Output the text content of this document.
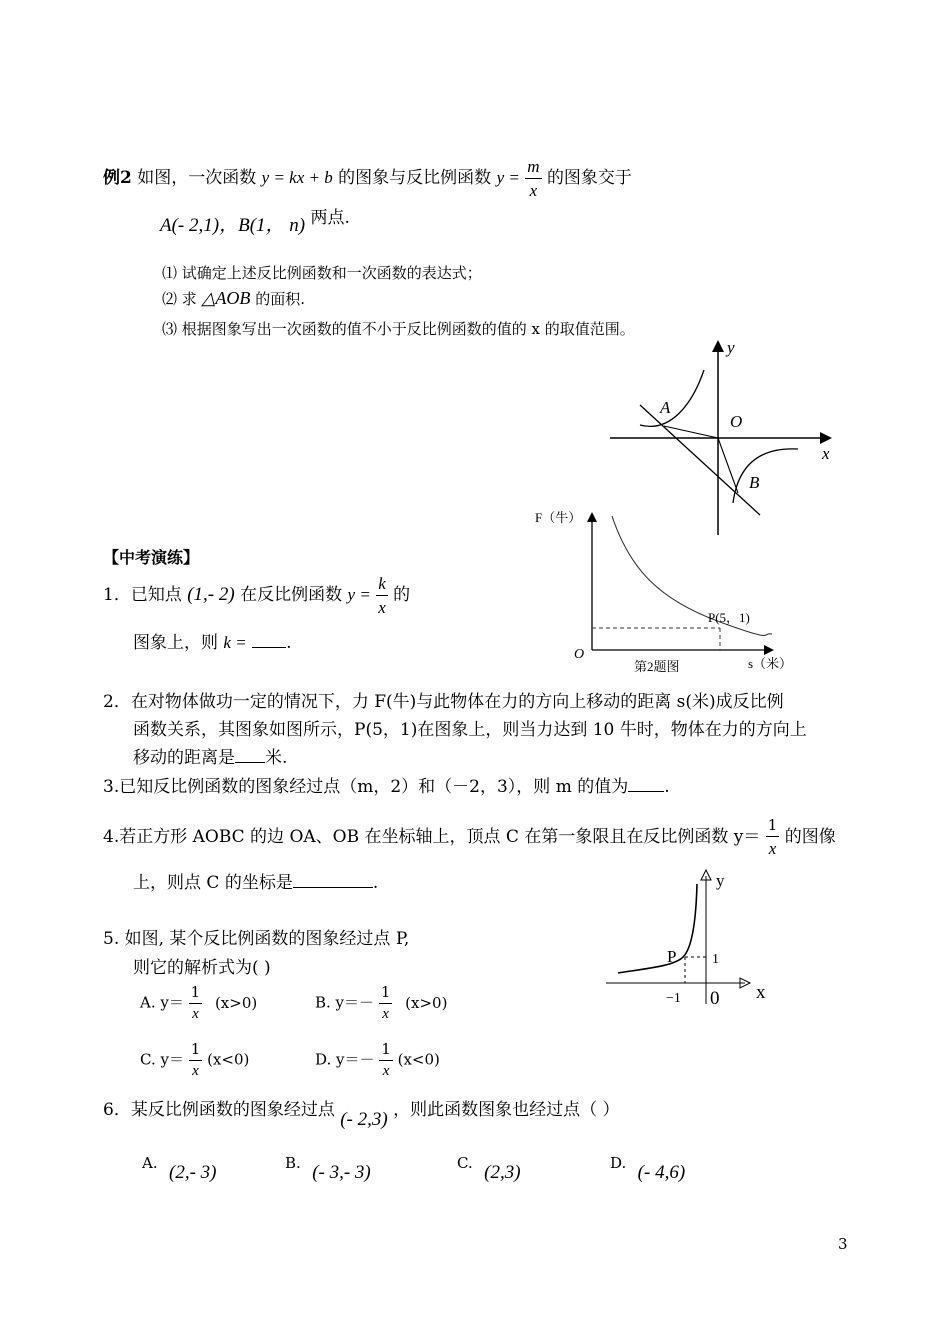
例2 如图，一次函数 y = kx + b 的图象与反比例函数 $y = \frac{m}{x}$ 的图象交于
A(- 2,1)，B(1， n) 两点.
⑴ 试确定上述反比例函数和一次函数的表达式；
⑵ 求 △AOB 的面积.
⑶ 根据图象写出一次函数的值不小于反比例函数的值的 x 的取值范围。
y
x
O
A
B
【中考演练】
1．已知点 (1,- 2) 在反比例函数 $y = \frac{k}{x}$ 的
图象上，则 k = .
F（牛）
s（米）
O
P(5，1)
第2题图
2．在对物体做功一定的情况下，力 F(牛)与此物体在力的方向上移动的距离 s(米)成反比例
函数关系，其图象如图所示，P(5，1)在图象上，则当力达到 10 牛时，物体在力的方向上
移动的距离是 米.
3.已知反比例函数的图象经过点（m，2）和（－2，3），则 m 的值为 .
4.若正方形 AOBC 的边 OA、OB 在坐标轴上，顶点 C 在第一象限且在反比例函数 $y= \frac{1}{x}$ 的图像
上，则点 C 的坐标是	.	y
x
P	1
−1 0
5. 如图, 某个反比例函数的图象经过点 P,
则它的解析式为( )
A. $y= \frac{1}{x} (x>0)$	B. $y=- \frac{1}{x} (x>0)$
C. $y= \frac{1}{x} (x<0)$	D. $y=- \frac{1}{x} (x<0)$
6．某反比例函数的图象经过点 (- 2,3) ，则此函数图象也经过点（ ）
A. (2,- 3)	B. (- 3,- 3)	C. (2,3)	D. (- 4,6)
3
